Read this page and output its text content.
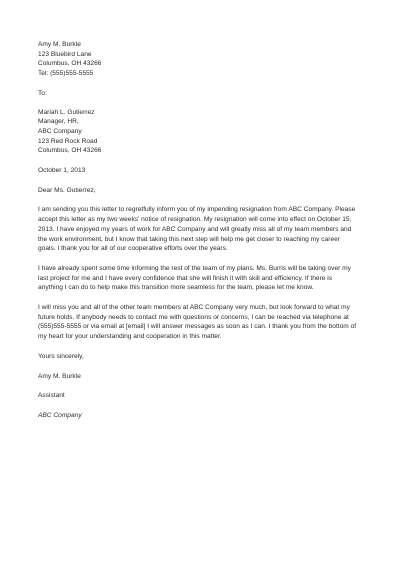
Amy M. Burkle
123 Bluebird Lane
Columbus, OH 43266
Tel: (555)555-5555
To:
Mariah L. Gutierrez
Manager, HR,
ABC Company
123 Red Rock Road
Columbus, OH 43266
October 1, 2013
Dear Ms. Gutierrez,
I am sending you this letter to regretfully inform you of my impending resignation from ABC Company. Please
accept this letter as my two weeks' notice of resignation. My resignation will come into effect on October 15,
2013. I have enjoyed my years of work for ABC Company and will greatly miss all of my team members and
the work environment, but I know that taking this next step will help me get closer to reaching my career
goals. I thank you for all of our cooperative efforts over the years.
I have already spent some time informing the rest of the team of my plans. Ms. Burris will be taking over my
last project for me and I have every confidence that she will finish it with skill and efficiency. If there is
anything I can do to help make this transition more seamless for the team, please let me know.
I will miss you and all of the other team members at ABC Company very much, but look forward to what my
future holds. If anybody needs to contact me with questions or concerns, I can be reached via telephone at
(555)555-5555 or via email at [email] I will answer messages as soon as I can. I thank you from the bottom of
my heart for your understanding and cooperation in this matter.
Yours sincerely,
Amy M. Burkle
Assistant
ABC Company
